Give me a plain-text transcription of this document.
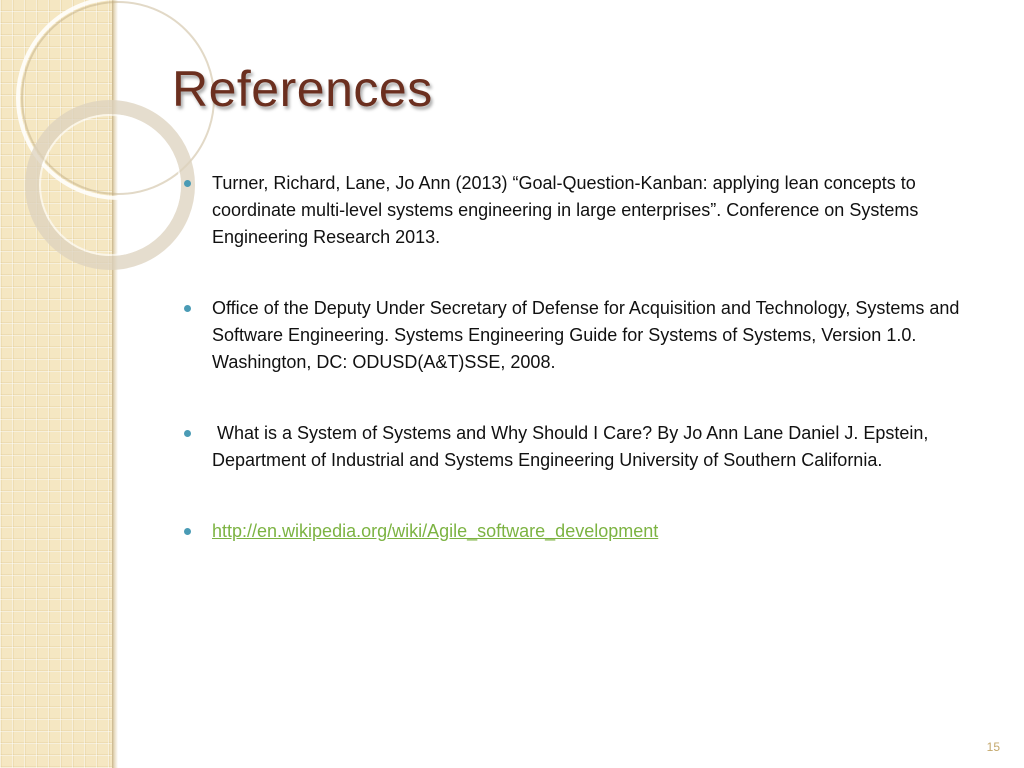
References
Turner, Richard, Lane, Jo Ann (2013) “Goal-Question-Kanban: applying lean concepts to coordinate multi-level systems engineering in large enterprises”. Conference on Systems Engineering Research 2013.
Office of the Deputy Under Secretary of Defense for Acquisition and Technology, Systems and Software Engineering. Systems Engineering Guide for Systems of Systems, Version 1.0. Washington, DC: ODUSD(A&T)SSE, 2008.
What is a System of Systems and Why Should I Care? By Jo Ann Lane Daniel J. Epstein, Department of Industrial and Systems Engineering University of Southern California.
http://en.wikipedia.org/wiki/Agile_software_development
15
